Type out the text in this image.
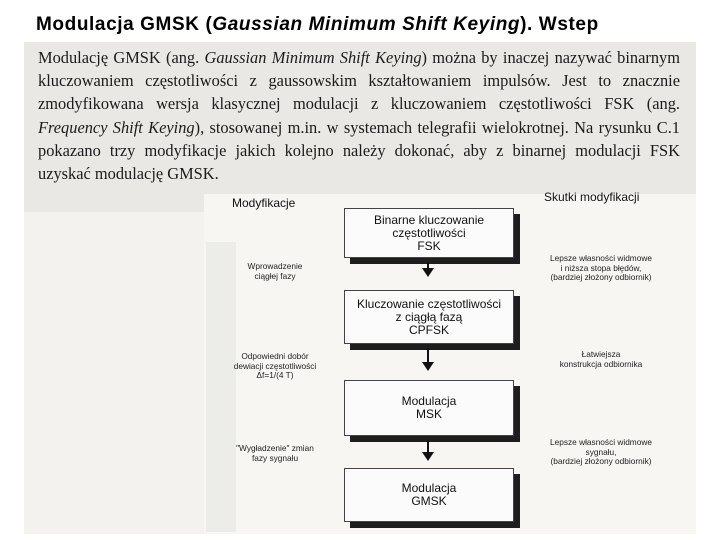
Modulacja GMSK (Gaussian Minimum Shift Keying). Wstep
Modulację GMSK (ang. Gaussian Minimum Shift Keying) można by inaczej nazywać binarnym kluczowaniem częstotliwości z gaussowskim kształtowaniem impulsów. Jest to znacznie zmodyfikowana wersja klasycznej modulacji z kluczowaniem częstotliwości FSK (ang. Frequency Shift Keying), stosowanej m.in. w systemach telegrafii wielokrotnej. Na rysunku C.1 pokazano trzy modyfikacje jakich kolejno należy dokonać, aby z binarnej modulacji FSK uzyskać modulację GMSK.
Modyfikacje	Skutki modyfikacji
Binarne kluczowanie
częstotliwości
FSK
Kluczowanie częstotliwości
z ciągłą fazą
CPFSK
Modulacja
MSK
Modulacja
GMSK
Wprowadzenie
ciągłej fazy
Odpowiedni dobór
dewiacji częstotliwości
Δf=1/(4 T)
"Wygładzenie" zmian
fazy sygnału
Lepsze własności widmowe
i niższa stopa błędów,
(bardziej złożony odbiornik)
Łatwiejsza
konstrukcja odbiornika
Lepsze własności widmowe
sygnału,
(bardziej złożony odbiornik)
